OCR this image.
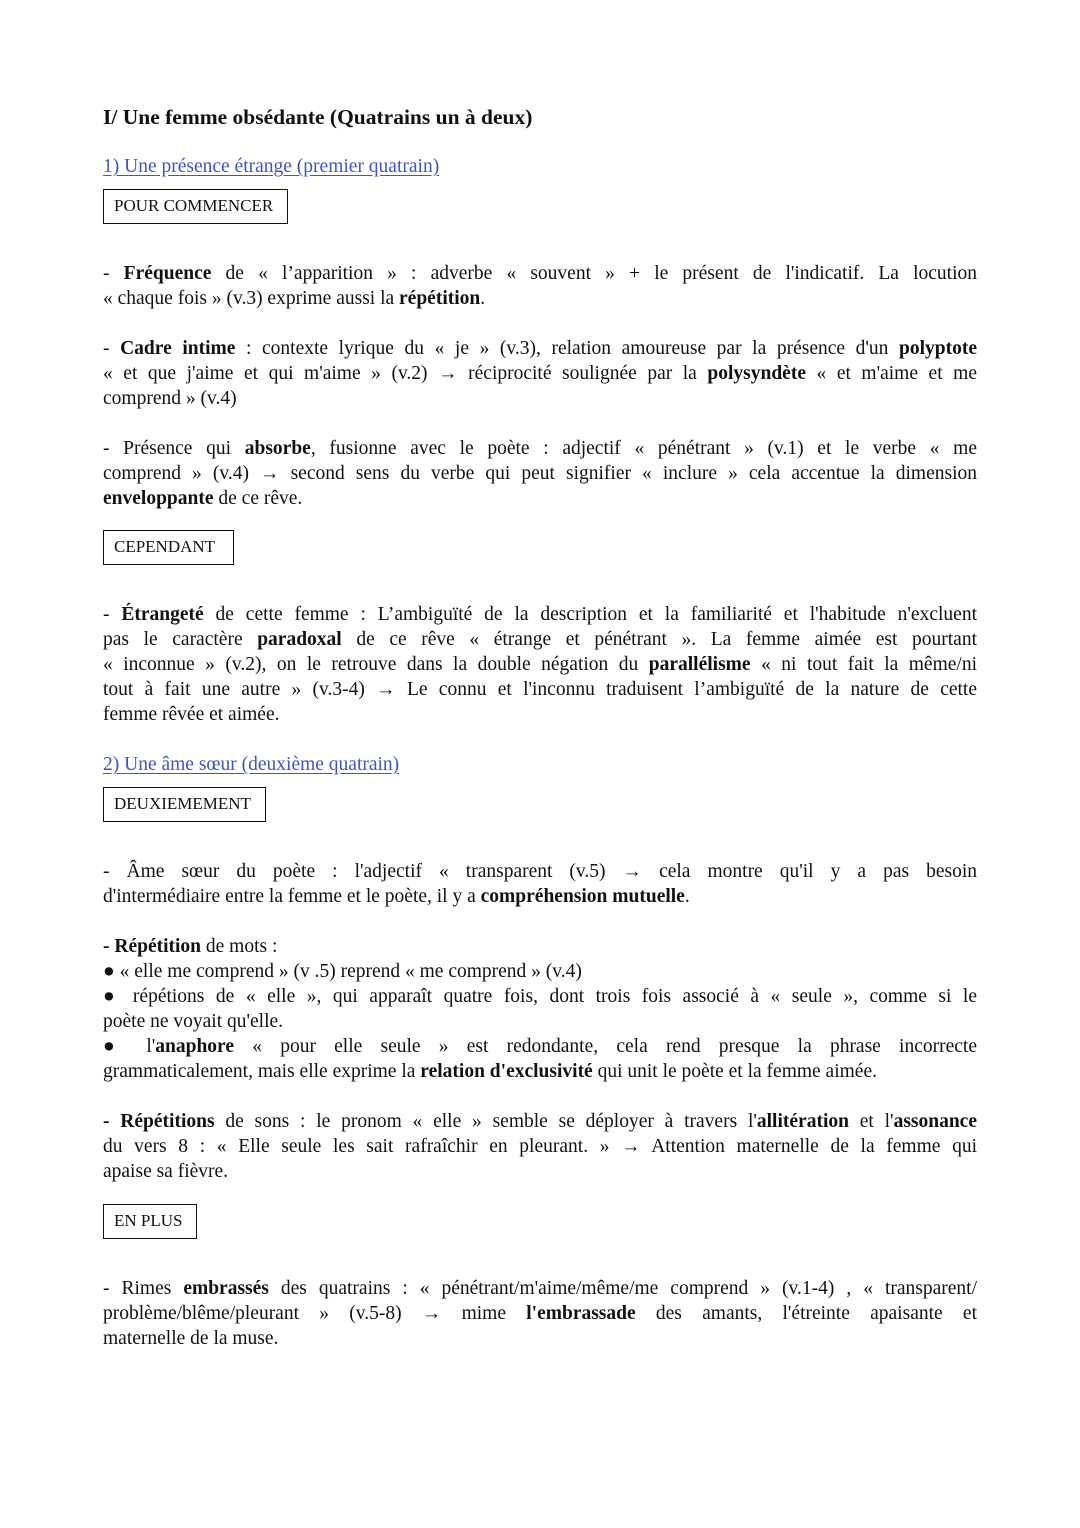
I/ Une femme obsédante (Quatrains un à deux)
1) Une présence étrange (premier quatrain)
POUR COMMENCER
- Fréquence de « l’apparition » : adverbe « souvent » + le présent de l'indicatif. La locution
« chaque fois » (v.3) exprime aussi la répétition.
- Cadre intime : contexte lyrique du « je » (v.3), relation amoureuse par la présence d'un polyptote
« et que j'aime et qui m'aime » (v.2) → réciprocité soulignée par la polysyndète « et m'aime et me
comprend » (v.4)
- Présence qui absorbe, fusionne avec le poète : adjectif « pénétrant » (v.1) et le verbe « me
comprend » (v.4) → second sens du verbe qui peut signifier « inclure » cela accentue la dimension
enveloppante de ce rêve.
CEPENDANT
- Étrangeté de cette femme : L’ambiguïté de la description et la familiarité et l'habitude n'excluent
pas le caractère paradoxal de ce rêve « étrange et pénétrant ». La femme aimée est pourtant
« inconnue » (v.2), on le retrouve dans la double négation du parallélisme « ni tout fait la même/ni
tout à fait une autre » (v.3-4) → Le connu et l'inconnu traduisent l’ambiguïté de la nature de cette
femme rêvée et aimée.
2) Une âme sœur (deuxième quatrain)
DEUXIEMEMENT
- Âme sœur du poète : l'adjectif « transparent (v.5) → cela montre qu'il y a pas besoin
d'intermédiaire entre la femme et le poète, il y a compréhension mutuelle.
- Répétition de mots :
● « elle me comprend » (v .5) reprend « me comprend » (v.4)
● répétions de « elle », qui apparaît quatre fois, dont trois fois associé à « seule », comme si le
poète ne voyait qu'elle.
● l'anaphore « pour elle seule » est redondante, cela rend presque la phrase incorrecte
grammaticalement, mais elle exprime la relation d'exclusivité qui unit le poète et la femme aimée.
- Répétitions de sons : le pronom « elle » semble se déployer à travers l'allitération et l'assonance
du vers 8 : « Elle seule les sait rafraîchir en pleurant. » → Attention maternelle de la femme qui
apaise sa fièvre.
EN PLUS
- Rimes embrassés des quatrains : « pénétrant/m'aime/même/me comprend » (v.1-4) , « transparent/
problème/blême/pleurant » (v.5-8) → mime l'embrassade des amants, l'étreinte apaisante et
maternelle de la muse.
